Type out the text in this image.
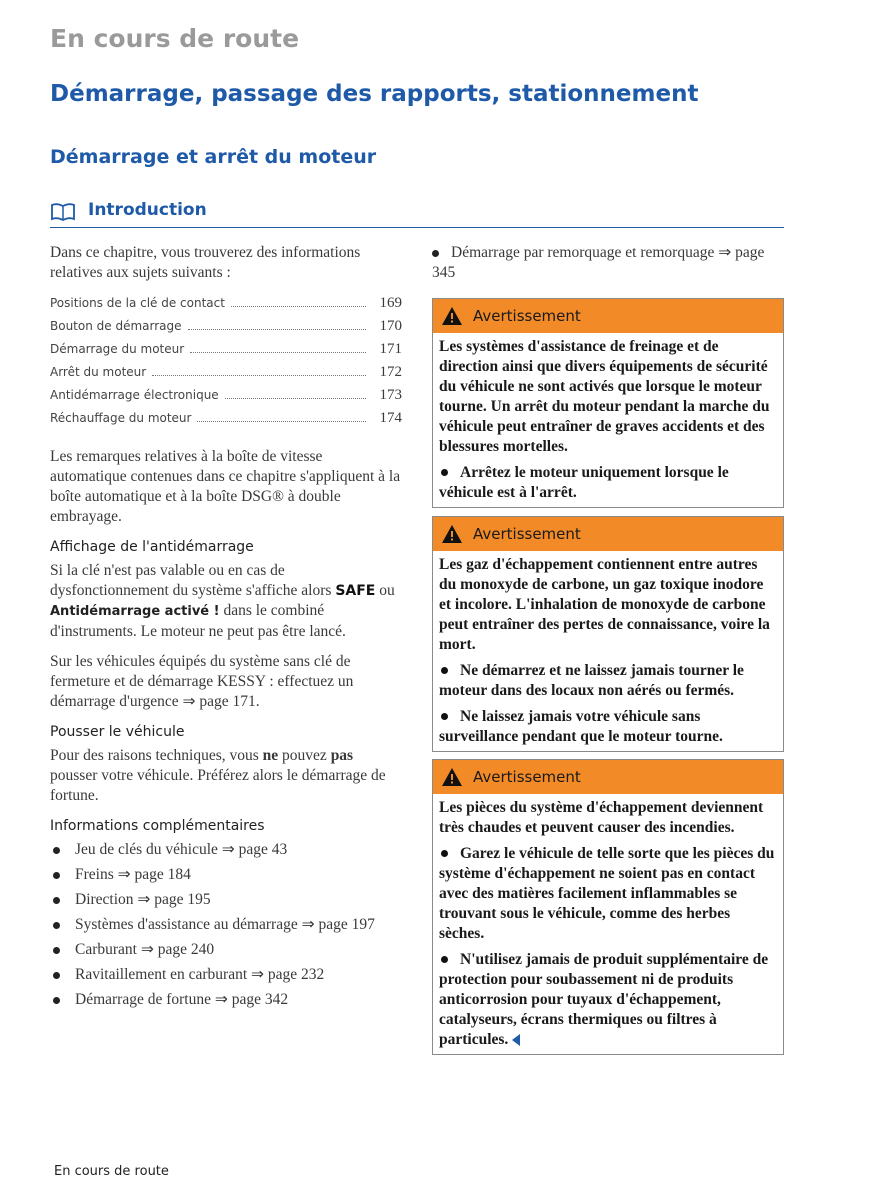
En cours de route
Démarrage, passage des rapports, stationnement
Démarrage et arrêt du moteur
Introduction

Dans ce chapitre, vous trouverez des informations relatives aux sujets suivants :

Positions de la clé de contact	169
Bouton de démarrage	170
Démarrage du moteur	171
Arrêt du moteur	172
Antidémarrage électronique	173
Réchauffage du moteur	174

Les remarques relatives à la boîte de vitesse automatique contenues dans ce chapitre s'appliquent à la boîte automatique et à la boîte DSG® à double embrayage.

Affichage de l'antidémarrage

Si la clé n'est pas valable ou en cas de dysfonctionnement du système s'affiche alors SAFE ou Antidémarrage activé ! dans le combiné d'instruments. Le moteur ne peut pas être lancé.

Sur les véhicules équipés du système sans clé de fermeture et de démarrage KESSY : effectuez un démarrage d'urgence ⇒ page 171.

Pousser le véhicule

Pour des raisons techniques, vous ne pouvez pas pousser votre véhicule. Préférez alors le démarrage de fortune.

Informations complémentaires
Jeu de clés du véhicule ⇒ page 43
Freins ⇒ page 184
Direction ⇒ page 195
Systèmes d'assistance au démarrage ⇒ page 197
Carburant ⇒ page 240
Ravitaillement en carburant ⇒ page 232
Démarrage de fortune ⇒ page 342
Démarrage par remorquage et remorquage ⇒ page 345
Avertissement

Les systèmes d'assistance de freinage et de direction ainsi que divers équipements de sécurité du véhicule ne sont activés que lorsque le moteur tourne. Un arrêt du moteur pendant la marche du véhicule peut entraîner de graves accidents et des blessures mortelles.

Arrêtez le moteur uniquement lorsque le véhicule est à l'arrêt.

Avertissement

Les gaz d'échappement contiennent entre autres du monoxyde de carbone, un gaz toxique inodore et incolore. L'inhalation de monoxyde de carbone peut entraîner des pertes de connaissance, voire la mort.

Ne démarrez et ne laissez jamais tourner le moteur dans des locaux non aérés ou fermés.

Ne laissez jamais votre véhicule sans surveillance pendant que le moteur tourne.

Avertissement

Les pièces du système d'échappement deviennent très chaudes et peuvent causer des incendies.

Garez le véhicule de telle sorte que les pièces du système d'échappement ne soient pas en contact avec des matières facilement inflammables se trouvant sous le véhicule, comme des herbes sèches.

N'utilisez jamais de produit supplémentaire de protection pour soubassement ni de produits anticorrosion pour tuyaux d'échappement, catalyseurs, écrans thermiques ou filtres à particules.

En cours de route
